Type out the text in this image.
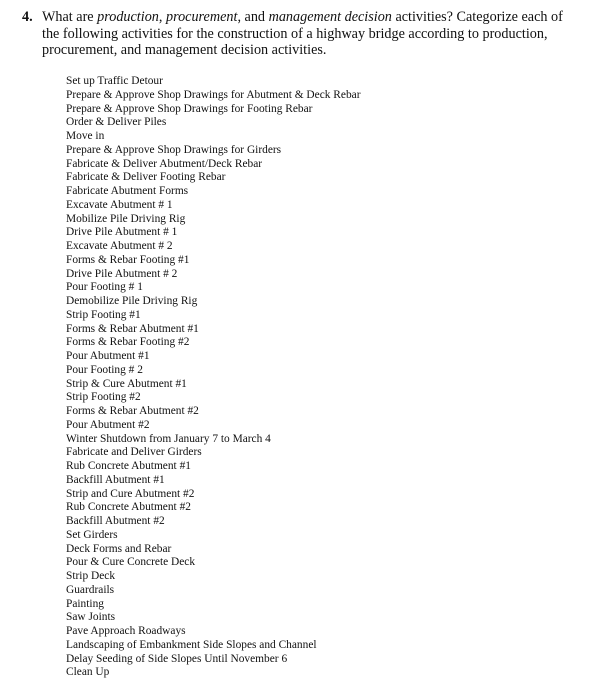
4. What are production, procurement, and management decision activities? Categorize each of the following activities for the construction of a highway bridge according to production, procurement, and management decision activities.
Set up Traffic Detour
Prepare & Approve Shop Drawings for Abutment & Deck Rebar
Prepare & Approve Shop Drawings for Footing Rebar
Order & Deliver Piles
Move in
Prepare & Approve Shop Drawings for Girders
Fabricate & Deliver Abutment/Deck Rebar
Fabricate & Deliver Footing Rebar
Fabricate Abutment Forms
Excavate Abutment # 1
Mobilize Pile Driving Rig
Drive Pile Abutment # 1
Excavate Abutment # 2
Forms & Rebar Footing #1
Drive Pile Abutment # 2
Pour Footing # 1
Demobilize Pile Driving Rig
Strip Footing #1
Forms & Rebar Abutment #1
Forms & Rebar Footing #2
Pour Abutment #1
Pour Footing # 2
Strip & Cure Abutment #1
Strip Footing #2
Forms & Rebar Abutment #2
Pour Abutment #2
Winter Shutdown from January 7 to March 4
Fabricate and Deliver Girders
Rub Concrete Abutment #1
Backfill Abutment #1
Strip and Cure Abutment #2
Rub Concrete Abutment #2
Backfill Abutment #2
Set Girders
Deck Forms and Rebar
Pour & Cure Concrete Deck
Strip Deck
Guardrails
Painting
Saw Joints
Pave Approach Roadways
Landscaping of Embankment Side Slopes and Channel
Delay Seeding of Side Slopes Until November 6
Clean Up
